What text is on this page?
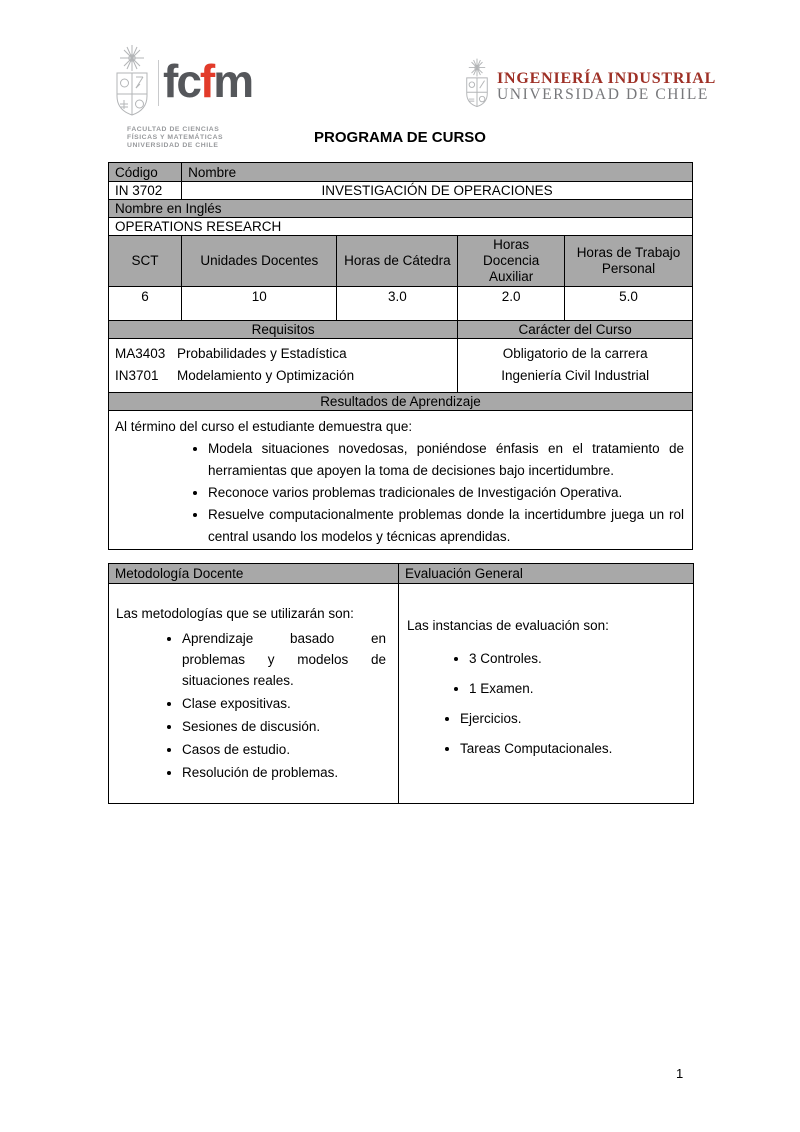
fcfm
FACULTAD DE CIENCIAS
FÍSICAS Y MATEMÁTICAS
UNIVERSIDAD DE CHILE
INGENIERÍA INDUSTRIAL
UNIVERSIDAD DE CHILE
PROGRAMA DE CURSO
Código	Nombre			
IN 3702	INVESTIGACIÓN DE OPERACIONES			
Nombre en Inglés				
OPERATIONS RESEARCH				
SCT	Unidades Docentes	Horas de Cátedra	Horas Docencia Auxiliar	Horas de Trabajo Personal
6	10	3.0	2.0	5.0
Requisitos			Carácter del Curso	

MA3403 Probabilidades y Estadística
IN3701 Modelamiento y Optimización

Obligatorio de la carrera
Ingeniería Civil Industrial

Resultados de Aprendizaje				

Al término del curso el estudiante demuestra que:
• Modela situaciones novedosas, poniéndose énfasis en el tratamiento de herramientas que apoyen la toma de decisiones bajo incertidumbre.
• Reconoce varios problemas tradicionales de Investigación Operativa.
• Resuelve computacionalmente problemas donde la incertidumbre juega un rol central usando los modelos y técnicas aprendidas.
Metodología Docente	Evaluación General

Las metodologías que se utilizarán son:
• Aprendizaje basado en problemas y modelos de situaciones reales.
• Clase expositivas.
• Sesiones de discusión.
• Casos de estudio.
• Resolución de problemas.

Las instancias de evaluación son:
• 3 Controles.
• 1 Examen.
• Ejercicios.
• Tareas Computacionales.
1
